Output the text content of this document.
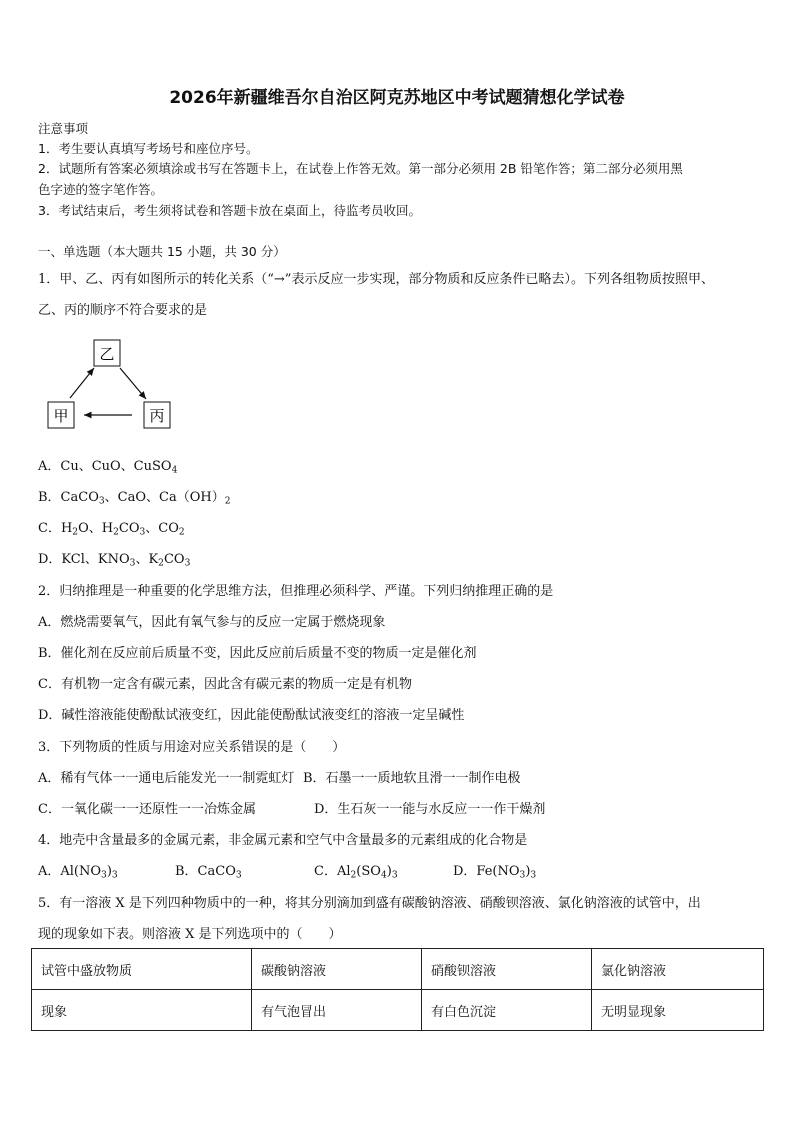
2026年新疆维吾尔自治区阿克苏地区中考试题猜想化学试卷
注意事项
1．考生要认真填写考场号和座位序号。
2．试题所有答案必须填涂或书写在答题卡上，在试卷上作答无效。第一部分必须用 2B 铅笔作答；第二部分必须用黑
色字迹的签字笔作答。
3．考试结束后，考生须将试卷和答题卡放在桌面上，待监考员收回。
一、单选题（本大题共 15 小题，共 30 分）
1．甲、乙、丙有如图所示的转化关系（“→”表示反应一步实现，部分物质和反应条件已略去）。下列各组物质按照甲、
乙、丙的顺序不符合要求的是
乙
甲	丙
A．Cu、CuO、CuSO$_4$
B．CaCO$_3$、CaO、$Ca(OH)_2$
C．$H_2O$、$H_2CO_3$、$CO_2$
D．KCl、$KNO_3$、$K_2CO_3$
2．归纳推理是一种重要的化学思维方法，但推理必须科学、严谨。下列归纳推理正确的是
A．燃烧需要氧气，因此有氧气参与的反应一定属于燃烧现象
B．催化剂在反应前后质量不变，因此反应前后质量不变的物质一定是催化剂
C．有机物一定含有碳元素，因此含有碳元素的物质一定是有机物
D．碱性溶液能使酚酞试液变红，因此能使酚酞试液变红的溶液一定呈碱性
3．下列物质的性质与用途对应关系错误的是（　　）
A．稀有气体一一通电后能发光一一制霓虹灯 B．石墨一一质地软且滑一一制作电极
C．一氧化碳一一还原性一一冶炼金属	D．生石灰一一能与水反应一一作干燥剂
4．地壳中含量最多的金属元素，非金属元素和空气中含量最多的元素组成的化合物是
A．$Al(NO_3)_3$	B．CaCO$_3$	C．$Al_2(SO_4)_3$	D．$Fe(NO_3)_3$
5．有一溶液 X 是下列四种物质中的一种，将其分别滴加到盛有碳酸钠溶液、硝酸钡溶液、氯化钠溶液的试管中，出
现的现象如下表。则溶液 X 是下列选项中的（　　）
试管中盛放物质	碳酸钠溶液	硝酸钡溶液	氯化钠溶液
现象	有气泡冒出	有白色沉淀	无明显现象
